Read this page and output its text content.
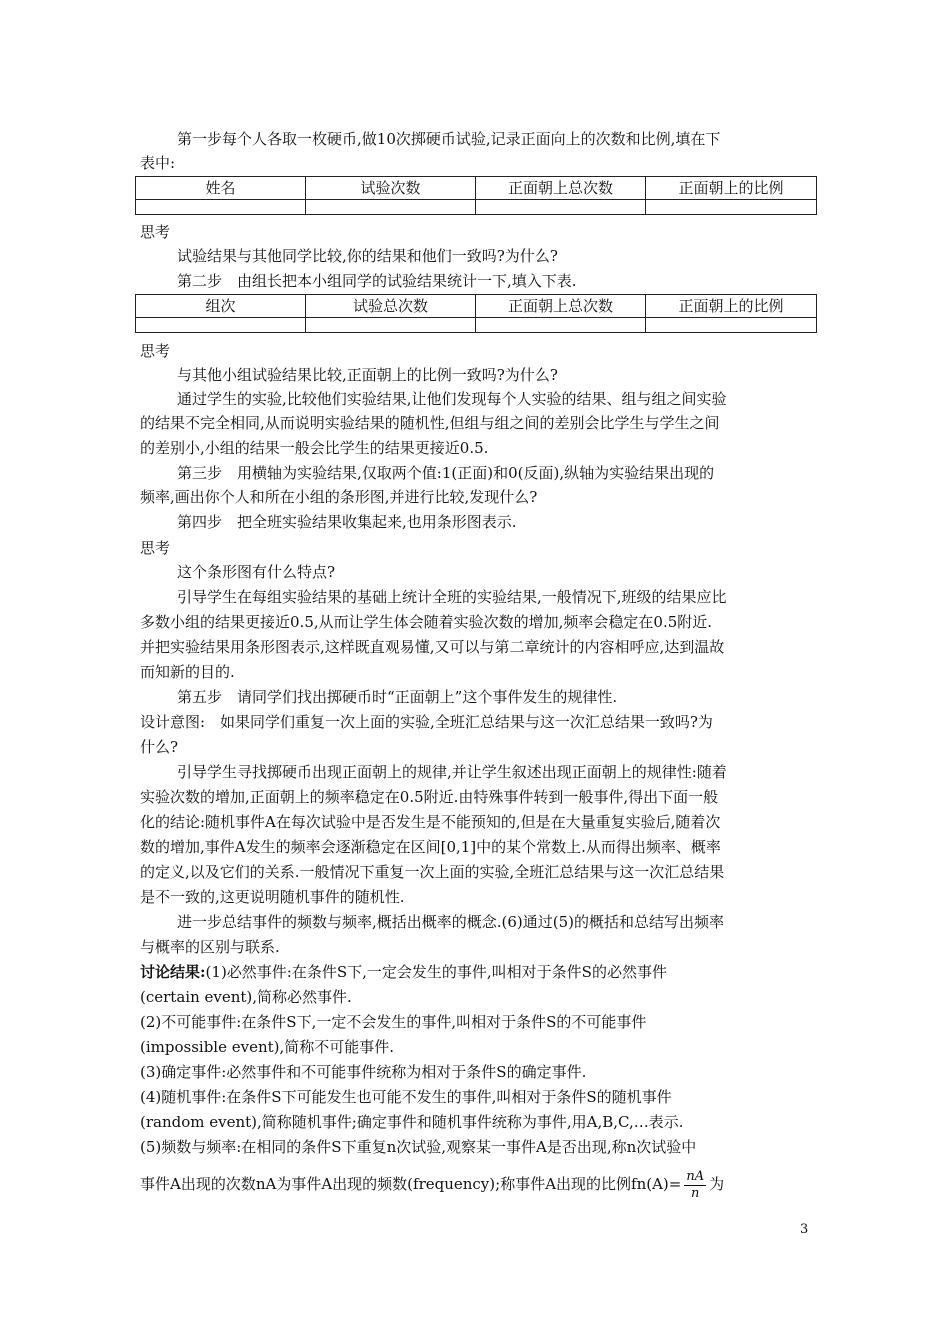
第一步每个人各取一枚硬币,做10次掷硬币试验,记录正面向上的次数和比例,填在下

表中:

姓名	试验次数	正面朝上总次数	正面朝上的比例

思考

试验结果与其他同学比较,你的结果和他们一致吗?为什么?

第二步　由组长把本小组同学的试验结果统计一下,填入下表.

组次	试验总次数	正面朝上总次数	正面朝上的比例

思考

与其他小组试验结果比较,正面朝上的比例一致吗?为什么?

通过学生的实验,比较他们实验结果,让他们发现每个人实验的结果、组与组之间实验

的结果不完全相同,从而说明实验结果的随机性,但组与组之间的差别会比学生与学生之间

的差别小,小组的结果一般会比学生的结果更接近0.5.

第三步　用横轴为实验结果,仅取两个值:1(正面)和0(反面),纵轴为实验结果出现的

频率,画出你个人和所在小组的条形图,并进行比较,发现什么?

第四步　把全班实验结果收集起来,也用条形图表示.

思考

这个条形图有什么特点?

引导学生在每组实验结果的基础上统计全班的实验结果,一般情况下,班级的结果应比

多数小组的结果更接近0.5,从而让学生体会随着实验次数的增加,频率会稳定在0.5附近.

并把实验结果用条形图表示,这样既直观易懂,又可以与第二章统计的内容相呼应,达到温故

而知新的目的.

第五步　请同学们找出掷硬币时“正面朝上”这个事件发生的规律性.

设计意图:　如果同学们重复一次上面的实验,全班汇总结果与这一次汇总结果一致吗?为

什么?

引导学生寻找掷硬币出现正面朝上的规律,并让学生叙述出现正面朝上的规律性:随着

实验次数的增加,正面朝上的频率稳定在0.5附近.由特殊事件转到一般事件,得出下面一般

化的结论:随机事件A在每次试验中是否发生是不能预知的,但是在大量重复实验后,随着次

数的增加,事件A发生的频率会逐渐稳定在区间[0,1]中的某个常数上.从而得出频率、概率

的定义,以及它们的关系.一般情况下重复一次上面的实验,全班汇总结果与这一次汇总结果

是不一致的,这更说明随机事件的随机性.

进一步总结事件的频数与频率,概括出概率的概念.(6)通过(5)的概括和总结写出频率

与概率的区别与联系.

讨论结果:(1)必然事件:在条件S下,一定会发生的事件,叫相对于条件S的必然事件

(certain event),简称必然事件.

(2)不可能事件:在条件S下,一定不会发生的事件,叫相对于条件S的不可能事件

(impossible event),简称不可能事件.

(3)确定事件:必然事件和不可能事件统称为相对于条件S的确定事件.

(4)随机事件:在条件S下可能发生也可能不发生的事件,叫相对于条件S的随机事件

(random event),简称随机事件;确定事件和随机事件统称为事件,用A,B,C,…表示.

(5)频数与频率:在相同的条件S下重复n次试验,观察某一事件A是否出现,称n次试验中

事件A出现的次数nA为事件A出现的频数(frequency);称事件A出现的比例$fn(A)= \frac{nA}{n}$ 为

3
